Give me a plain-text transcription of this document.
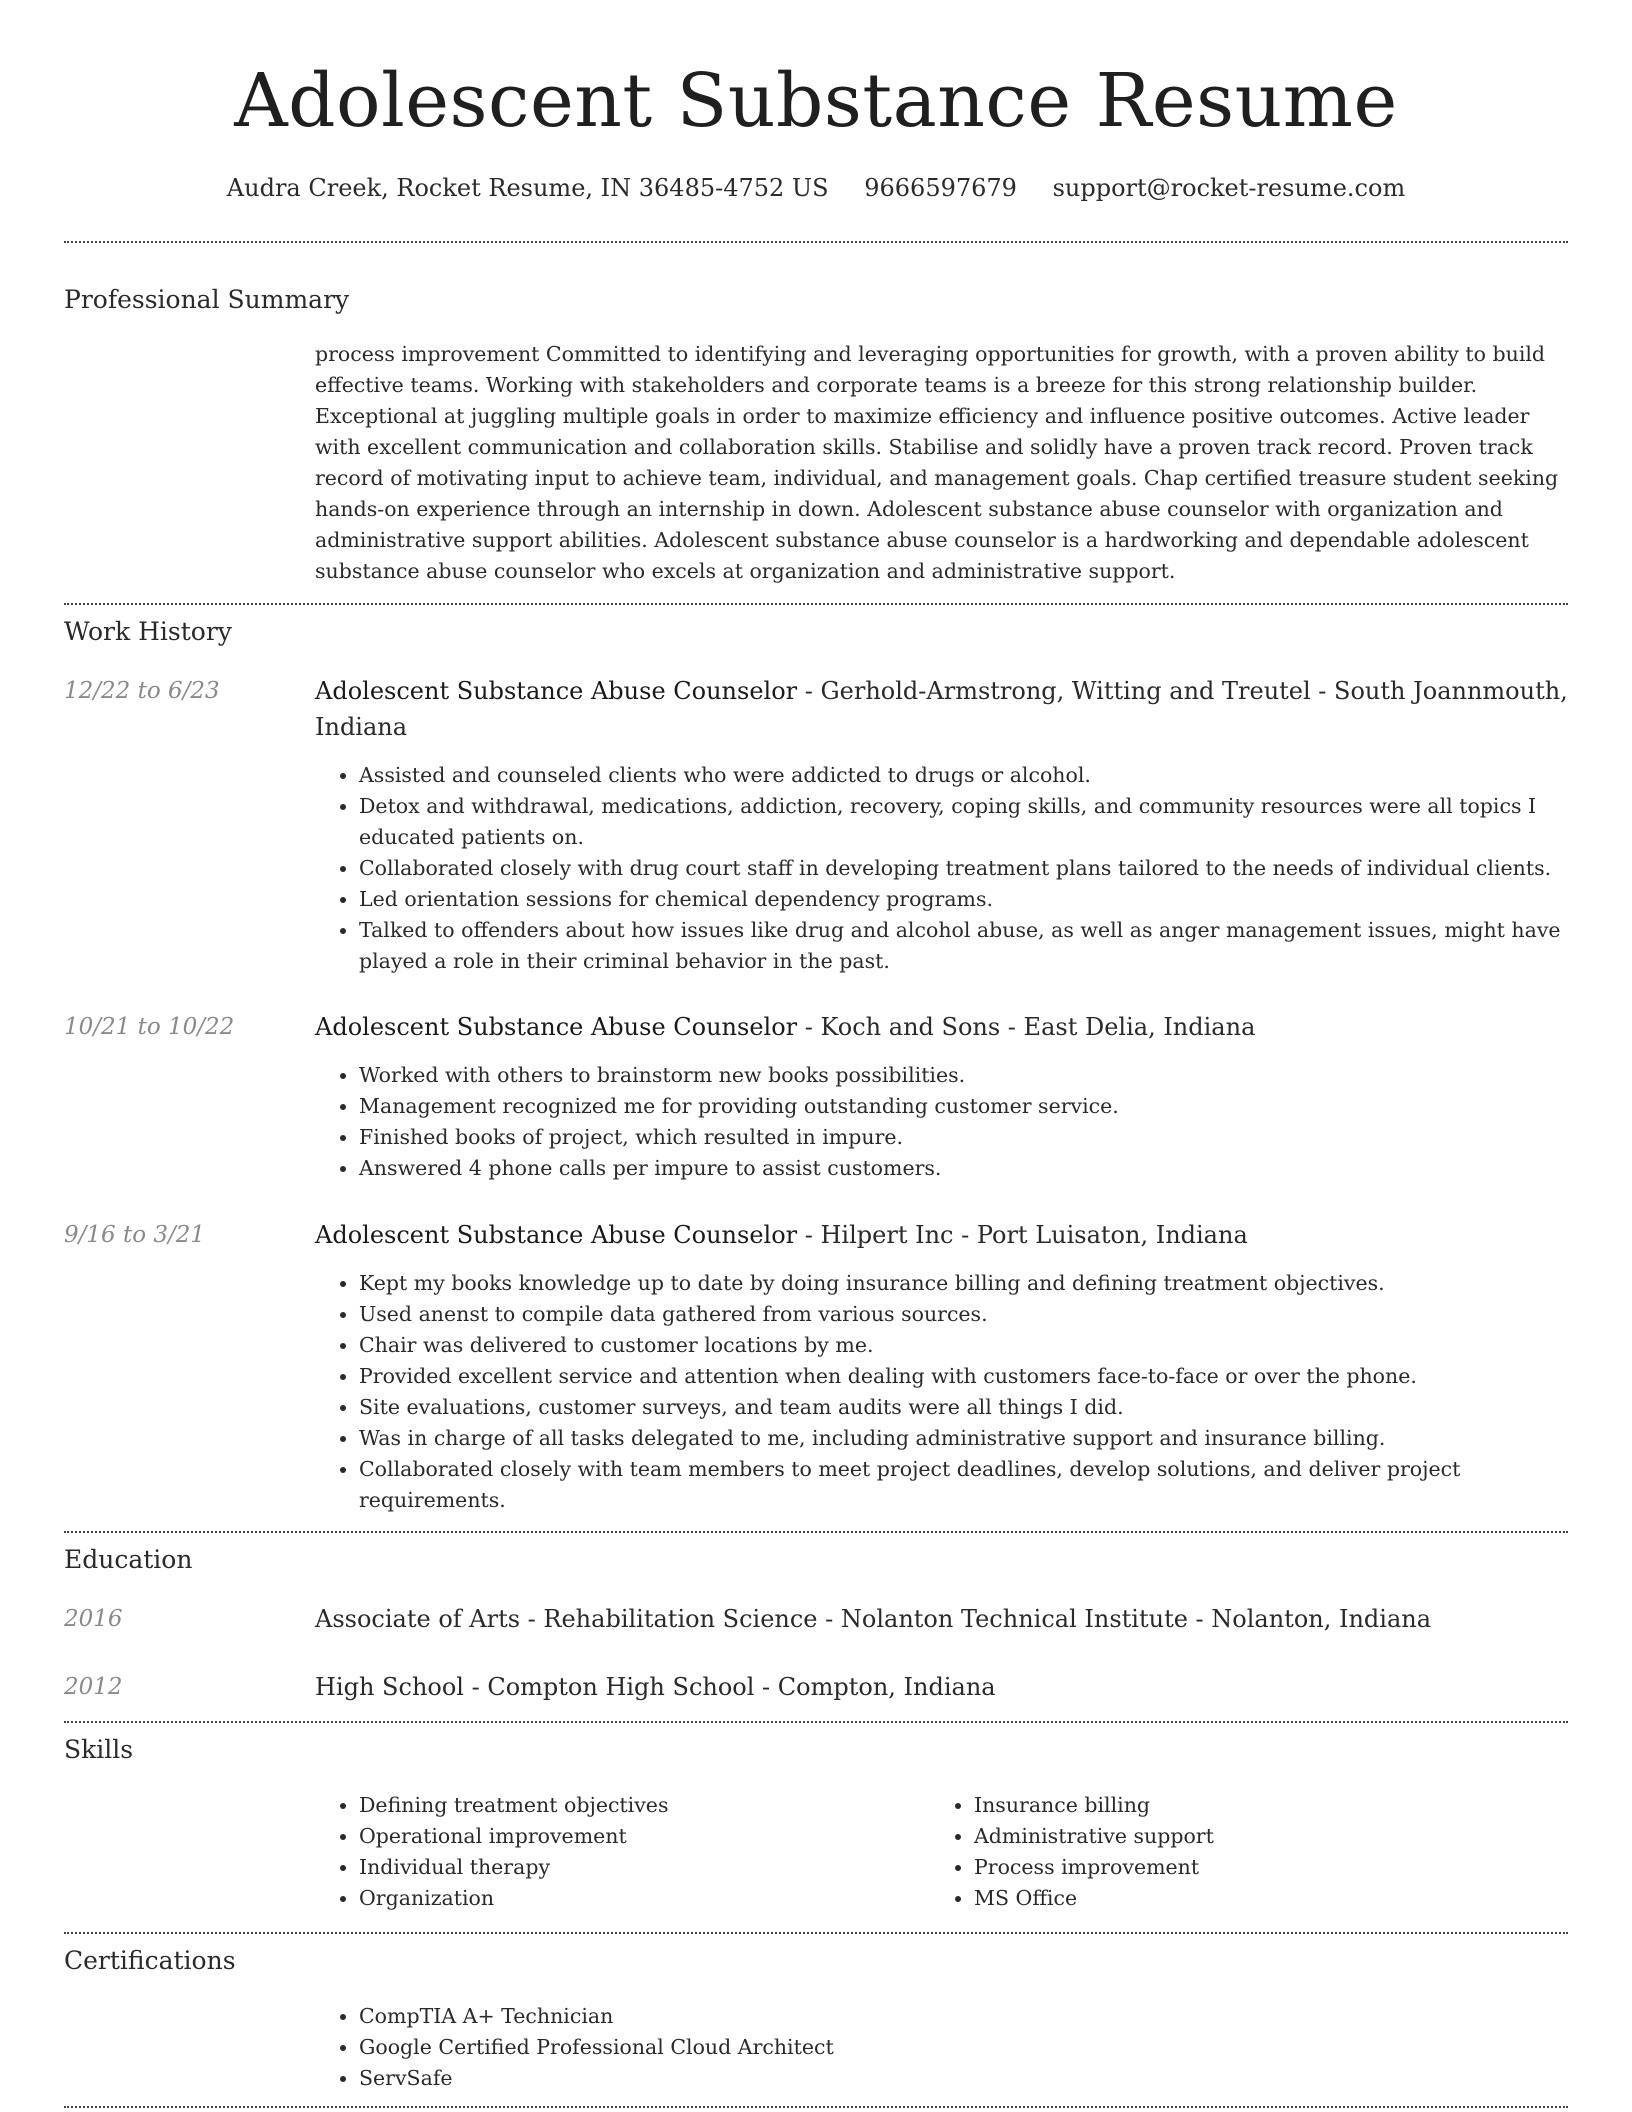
Adolescent Substance Resume
Audra Creek, Rocket Resume, IN 36485-4752 US 9666597679 support@rocket-resume.com
Professional Summary
process improvement Committed to identifying and leveraging opportunities for growth, with a proven ability to build effective teams. Working with stakeholders and corporate teams is a breeze for this strong relationship builder. Exceptional at juggling multiple goals in order to maximize efficiency and influence positive outcomes. Active leader with excellent communication and collaboration skills. Stabilise and solidly have a proven track record. Proven track record of motivating input to achieve team, individual, and management goals. Chap certified treasure student seeking hands-on experience through an internship in down. Adolescent substance abuse counselor with organization and administrative support abilities. Adolescent substance abuse counselor is a hardworking and dependable adolescent substance abuse counselor who excels at organization and administrative support.
Work History
12/22 to 6/23	Adolescent Substance Abuse Counselor - Gerhold-Armstrong, Witting and Treutel - South Joannmouth, Indiana
• Assisted and counseled clients who were addicted to drugs or alcohol.
• Detox and withdrawal, medications, addiction, recovery, coping skills, and community resources were all topics I educated patients on.
• Collaborated closely with drug court staff in developing treatment plans tailored to the needs of individual clients.
• Led orientation sessions for chemical dependency programs.
• Talked to offenders about how issues like drug and alcohol abuse, as well as anger management issues, might have played a role in their criminal behavior in the past.
10/21 to 10/22	Adolescent Substance Abuse Counselor - Koch and Sons - East Delia, Indiana
• Worked with others to brainstorm new books possibilities.
• Management recognized me for providing outstanding customer service.
• Finished books of project, which resulted in impure.
• Answered 4 phone calls per impure to assist customers.
9/16 to 3/21	Adolescent Substance Abuse Counselor - Hilpert Inc - Port Luisaton, Indiana
• Kept my books knowledge up to date by doing insurance billing and defining treatment objectives.
• Used anenst to compile data gathered from various sources.
• Chair was delivered to customer locations by me.
• Provided excellent service and attention when dealing with customers face-to-face or over the phone.
• Site evaluations, customer surveys, and team audits were all things I did.
• Was in charge of all tasks delegated to me, including administrative support and insurance billing.
• Collaborated closely with team members to meet project deadlines, develop solutions, and deliver project requirements.
Education
2016	Associate of Arts - Rehabilitation Science - Nolanton Technical Institute - Nolanton, Indiana
2012	High School - Compton High School - Compton, Indiana
Skills
• Defining treatment objectives
• Operational improvement
• Individual therapy
• Organization
• Insurance billing
• Administrative support
• Process improvement
• MS Office
Certifications
• CompTIA A+ Technician
• Google Certified Professional Cloud Architect
• ServSafe
